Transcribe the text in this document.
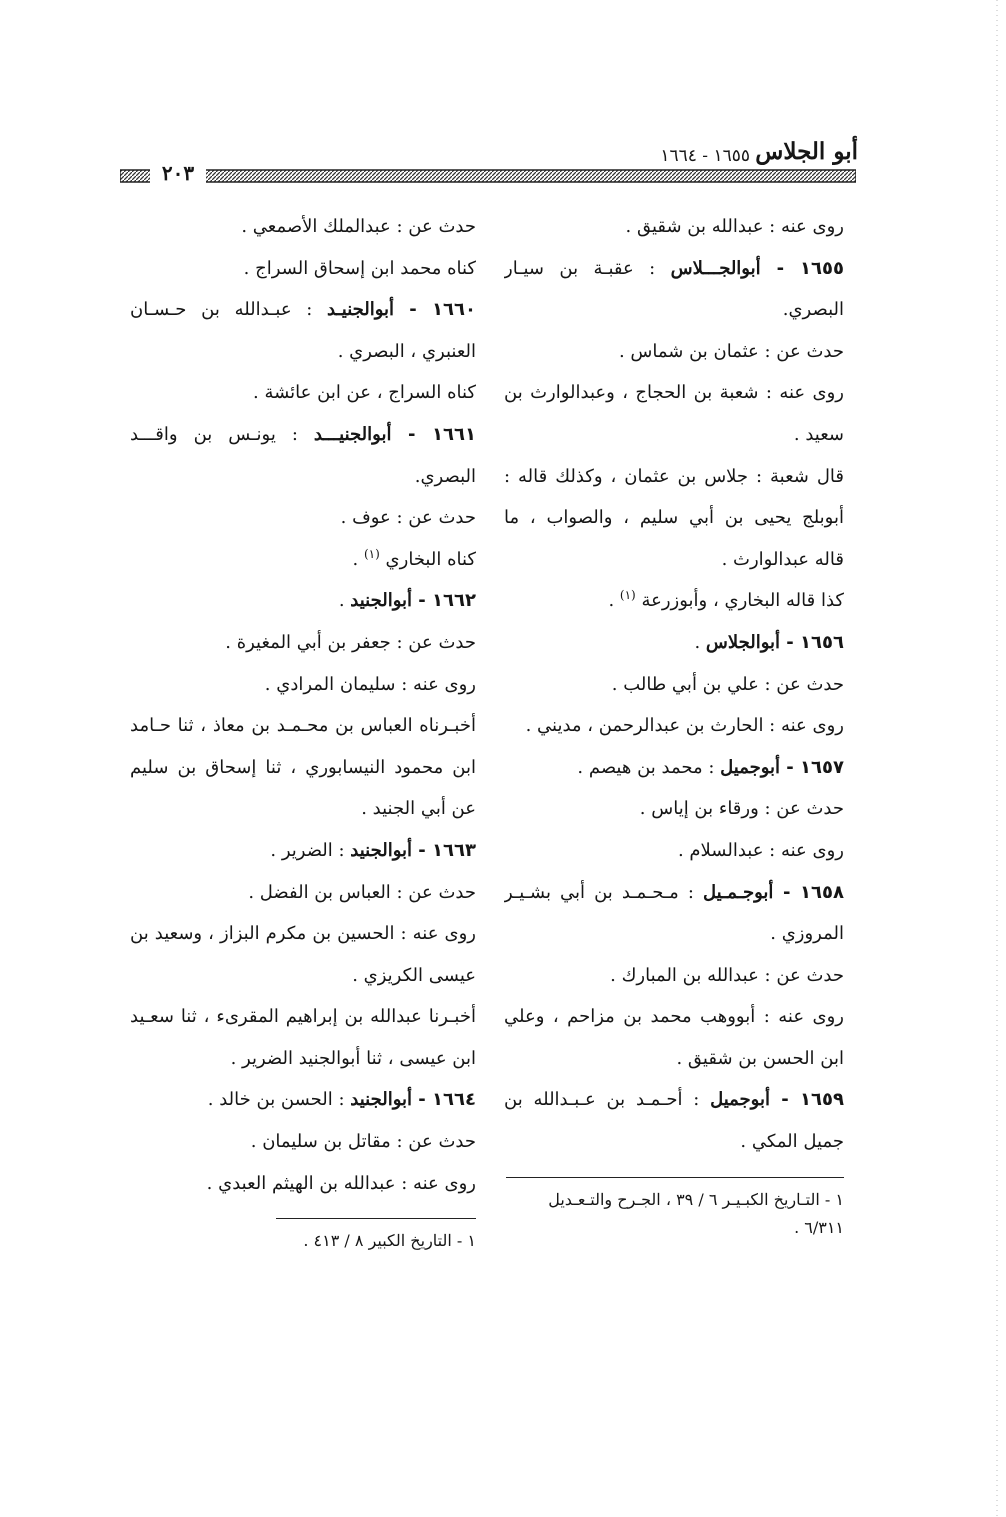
أبو الجلاس
١٦٥٥ - ١٦٦٤
٢٠٣
روى عنه : عبدالله بن شقيق .
١٦٥٥ - أبوالجـــلاس : عقبـة بن سيـار
البصري.
حدث عن : عثمان بن شماس .
روى عنه : شعبة بن الحجاج ، وعبدالوارث بن
سعيد .
قال شعبة : جلاس بن عثمان ، وكذلك قاله :
أبوبلج يحيى بن أبي سليم ، والصواب ، ما
قاله عبدالوارث .
كذا قاله البخاري ، وأبوزرعة $^{(١)}$ .
١٦٥٦ - أبوالجلاس .
حدث عن : علي بن أبي طالب .
روى عنه : الحارث بن عبدالرحمن ، مديني .
١٦٥٧ - أبوجميل : محمد بن هيصم .
حدث عن : ورقاء بن إياس .
روى عنه : عبدالسلام .
١٦٥٨ - أبوجـمـيل : مـحـمـد بن أبي بشـيـر
المروزي .
حدث عن : عبدالله بن المبارك .
روى عنه : أبووهب محمد بن مزاحم ، وعلي
ابن الحسن بن شقيق .
١٦٥٩ - أبوجميل : أحـمـد بن عـبـدالله بن
جميل المكي .
١ - التـاريخ الكبـيـر ٦ / ٣٩ ، الجـرح والتـعـديل
٦/٣١١ .
حدث عن : عبدالملك الأصمعي .
كناه محمد ابن إسحاق السراج .
١٦٦٠ - أبوالجنيـد : عبـدالله بن حـسـان
العنبري ، البصري .
كناه السراج ، عن ابن عائشة .
١٦٦١ - أبوالجنيـــد : يونـس بن واقـــد
البصري.
حدث عن : عوف .
كناه البخاري $^{(١)}$ .
١٦٦٢ - أبوالجنيد .
حدث عن : جعفر بن أبي المغيرة .
روى عنه : سليمان المرادي .
أخبـرناه العباس بن محـمـد بن معاذ ، ثنا حـامد
ابن محمود النيسابوري ، ثنا إسحاق بن سليم
عن أبي الجنيد .
١٦٦٣ - أبوالجنيد : الضرير .
حدث عن : العباس بن الفضل .
روى عنه : الحسين بن مكرم البزاز ، وسعيد بن
عيسى الكريزي .
أخبـرنا عبدالله بن إبراهيم المقرىء ، ثنا سعـيد
ابن عيسى ، ثنا أبوالجنيد الضرير .
١٦٦٤ - أبوالجنيد : الحسن بن خالد .
حدث عن : مقاتل بن سليمان .
روى عنه : عبدالله بن الهيثم العبدي .
١ - التاريخ الكبير ٨ / ٤١٣ .
